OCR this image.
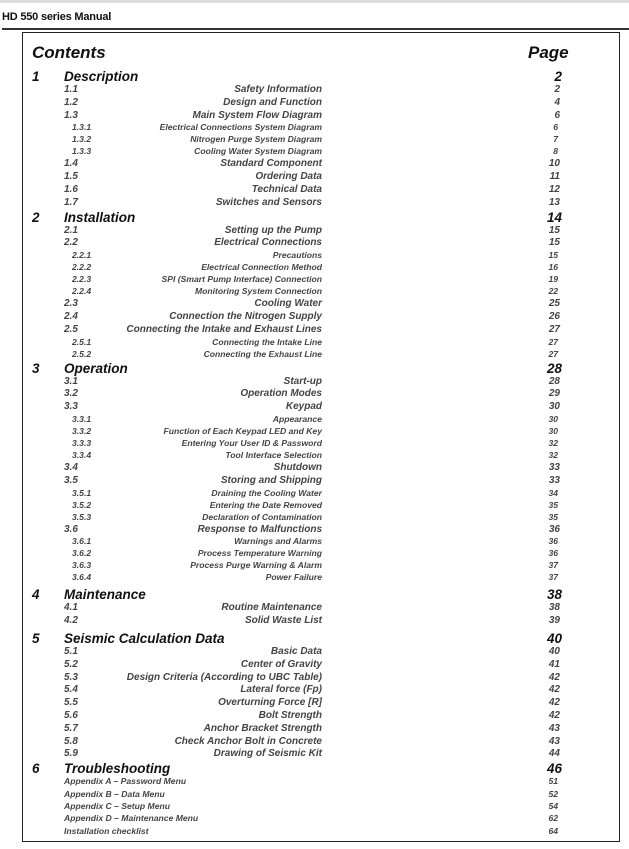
HD 550 series Manual
Contents	Page
1 Description	2
1.1	Safety Information	2
1.2	Design and Function	4
1.3	Main System Flow Diagram	6
1.3.1	Electrical Connections System Diagram	6
1.3.2	Nitrogen Purge System Diagram	7
1.3.3	Cooling Water System Diagram	8
1.4	Standard Component	10
1.5	Ordering Data	11
1.6	Technical Data	12
1.7	Switches and Sensors	13
2 Installation	14
2.1	Setting up the Pump	15
2.2	Electrical Connections	15
2.2.1	Precautions	15
2.2.2	Electrical Connection Method	16
2.2.3	SPI (Smart Pump Interface) Connection	19
2.2.4	Monitoring System Connection	22
2.3	Cooling Water	25
2.4	Connection the Nitrogen Supply	26
2.5	Connecting the Intake and Exhaust Lines	27
2.5.1	Connecting the Intake Line	27
2.5.2	Connecting the Exhaust Line	27
3 Operation	28
3.1	Start-up	28
3.2	Operation Modes	29
3.3	Keypad	30
3.3.1	Appearance	30
3.3.2	Function of Each Keypad LED and Key	30
3.3.3	Entering Your User ID & Password	32
3.3.4	Tool Interface Selection	32
3.4	Shutdown	33
3.5	Storing and Shipping	33
3.5.1	Draining the Cooling Water	34
3.5.2	Entering the Date Removed	35
3.5.3	Declaration of Contamination	35
3.6	Response to Malfunctions	36
3.6.1	Warnings and Alarms	36
3.6.2	Process Temperature Warning	36
3.6.3	Process Purge Warning & Alarm	37
3.6.4	Power Failure	37
4 Maintenance	38
4.1	Routine Maintenance	38
4.2	Solid Waste List	39
5 Seismic Calculation Data	40
5.1	Basic Data	40
5.2	Center of Gravity	41
5.3	Design Criteria (According to UBC Table)	42
5.4	Lateral force (Fp)	42
5.5	Overturning Force [R]	42
5.6	Bolt Strength	42
5.7	Anchor Bracket Strength	43
5.8	Check Anchor Bolt in Concrete	43
5.9	Drawing of Seismic Kit	44
6 Troubleshooting	46
Appendix A – Password Menu	51
Appendix B – Data Menu	52
Appendix C – Setup Menu	54
Appendix D – Maintenance Menu	62
Installation checklist	64
